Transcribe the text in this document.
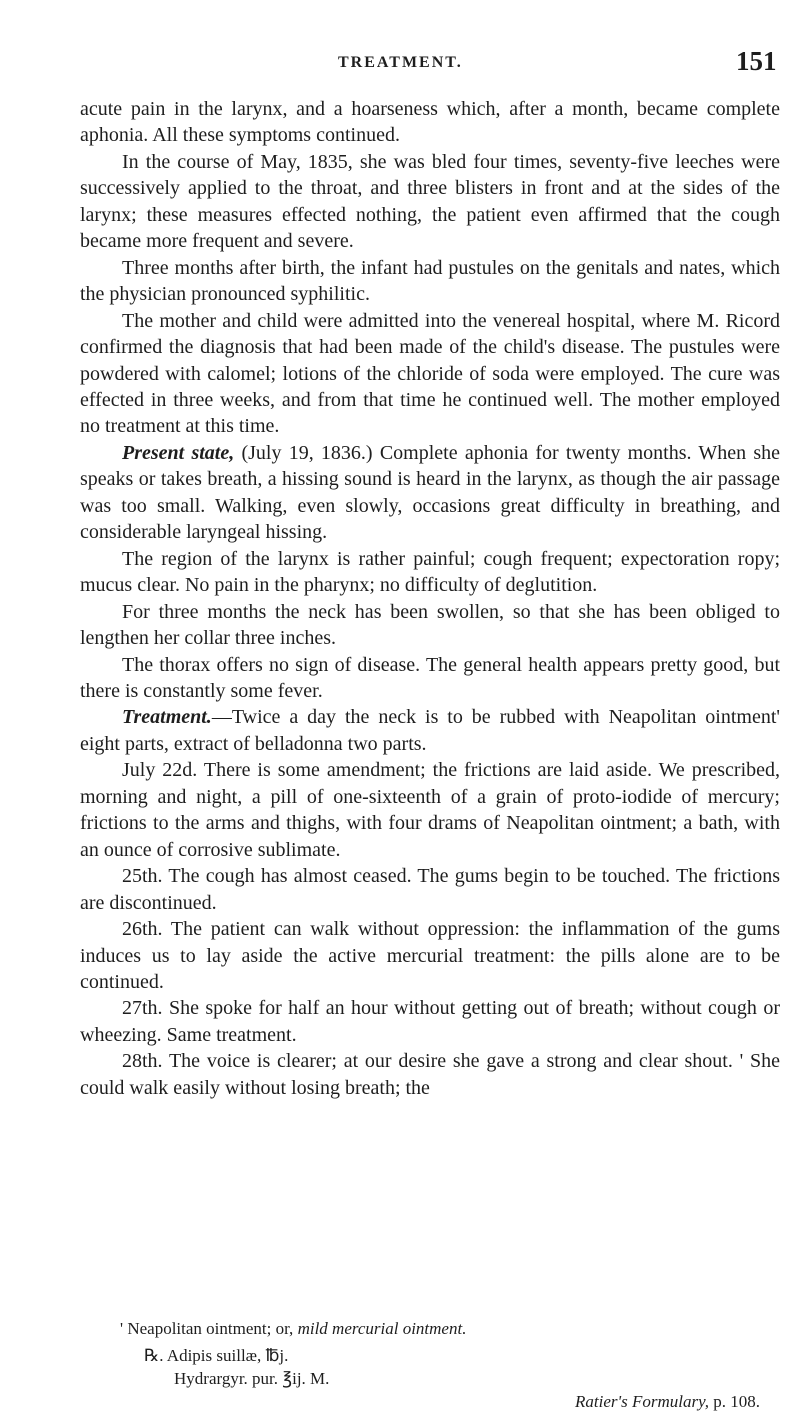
TREATMENT.	151

acute pain in the larynx, and a hoarseness which, after a month, became complete aphonia. All these symptoms continued.

In the course of May, 1835, she was bled four times, seventy-five leeches were successively applied to the throat, and three blisters in front and at the sides of the larynx; these measures effected nothing, the patient even affirmed that the cough became more frequent and severe.

Three months after birth, the infant had pustules on the genitals and nates, which the physician pronounced syphilitic.

The mother and child were admitted into the venereal hospital, where M. Ricord confirmed the diagnosis that had been made of the child's disease. The pustules were powdered with calomel; lotions of the chloride of soda were employed. The cure was effected in three weeks, and from that time he continued well. The mother employed no treatment at this time.

Present state, (July 19, 1836.) Complete aphonia for twenty months. When she speaks or takes breath, a hissing sound is heard in the larynx, as though the air passage was too small. Walking, even slowly, occasions great difficulty in breathing, and considerable laryngeal hissing.

The region of the larynx is rather painful; cough frequent; expectoration ropy; mucus clear. No pain in the pharynx; no difficulty of deglutition.

For three months the neck has been swollen, so that she has been obliged to lengthen her collar three inches.

The thorax offers no sign of disease. The general health appears pretty good, but there is constantly some fever.

Treatment.—Twice a day the neck is to be rubbed with Neapolitan ointment' eight parts, extract of belladonna two parts.

July 22d. There is some amendment; the frictions are laid aside. We prescribed, morning and night, a pill of one-sixteenth of a grain of proto-iodide of mercury; frictions to the arms and thighs, with four drams of Neapolitan ointment; a bath, with an ounce of corrosive sublimate.

25th. The cough has almost ceased. The gums begin to be touched. The frictions are discontinued.

26th. The patient can walk without oppression: the inflammation of the gums induces us to lay aside the active mercurial treatment: the pills alone are to be continued.

27th. She spoke for half an hour without getting out of breath; without cough or wheezing. Same treatment.

28th. The voice is clearer; at our desire she gave a strong and clear shout. ' She could walk easily without losing breath; the

' Neapolitan ointment; or, mild mercurial ointment.

℞. Adipis suillæ, ℔j.
Hydrargyr. pur. ℥ij. M.

Ratier's Formulary, p. 108.
